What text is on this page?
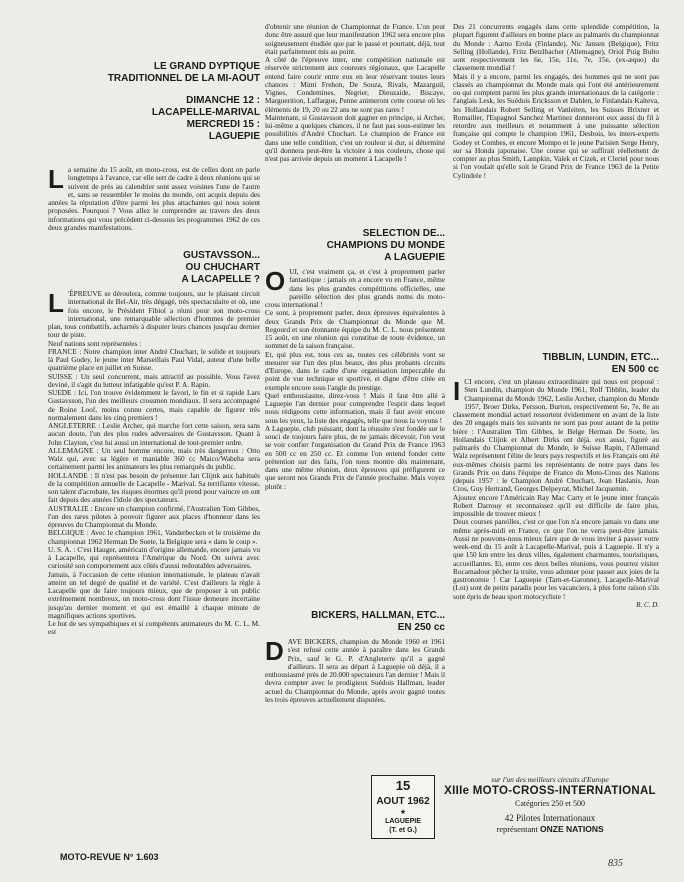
LE GRAND DYPTIQUE

TRADITIONNEL DE LA MI-AOUT

DIMANCHE 12 :

LACAPELLE-MARIVAL

MERCREDI 15 :

LAGUEPIE

La semaine du 15 août, en moto-cross, est de celles dont on parle longtemps à l'avance, car elle sert de cadre à deux réunions qui se suivent de près au calendrier sont assez voisines l'une de l'autre et, sans se ressembler le moins du monde, ont acquis depuis des années la réputation d'être parmi les plus attachantes qui nous soient proposées. Pourquoi ? Vous allez le comprendre au travers des deux informations qui vous précèdent ci-dessous les programmes 1962 de ces deux grandes manifestations.

GUSTAVSSON...

OU CHUCHART

A LACAPELLE ?

L 'ÉPREUVE se déroulera, comme toujours, sur le plaisant circuit international de Bel-Air, très dégagé, très spectaculaire et où, une fois encore, le Président Fibiol a réuni pour son moto-cross international, une remarquable sélection d'hommes de premier plan, tous combattifs, acharnés à disputer leurs chances jusqu'au dernier tour de piste.

Neuf nations sont représentées :

FRANCE : Notre champion inter André Chuchart, le solide et toujours là Paul Godey, le jeune inter Marseillais Paul Vidal, auteur d'une belle quatrième place en juillet en Suisse.

SUISSE : Un seul concurrent, mais attractif au possible. Vous l'avez deviné, il s'agit du lutteur infatigable qu'est P. A. Rapin.

SUEDE : Ici, l'on trouve évidemment le favori, le fin et si rapide Lars Gustavsson, l'un des meilleurs crossmen mondiaux. Il sera accompagné de Roine Loof, moins connu certes, mais capable de figurer très normalement dans les cinq premiers !

ANGLETERRE : Leslie Archer, qui marche fort cette saison, sera sans aucun doute, l'un des plus rudes adversaires de Gustavsson. Quant à John Clayton, c'est lui aussi un international de tout-premier ordre.

ALLEMAGNE : Un seul homme encore, mais très dangereux : Otto Walz qui, avec sa légère et maniable 360 cc Maico/Wabeha sera certainement parmi les animateurs les plus remarqués du public.

HOLLANDE : Il n'est pas besoin de présenter Jan Clijnk aux habitués de la compétition annuelle de Lacapelle - Marival. Sa terrifiante vitesse, son talent d'acrobate, les risques énormes qu'il prend pour vaincre en ont fait depuis des années l'idole des spectateurs.

AUSTRALIE : Encore un champion confirmé, l'Australien Tom Gibbes, l'un des rares pilotes à pouvoir figurer aux places d'honneur dans les épreuves du Championnat du Monde.

BELGIQUE : Avec le champion 1961, Vanderbecken et le troisième du championnat 1962 Herman De Soete, la Belgique sera « dans le coup ».

U. S. A. : C'est Hauger, américain d'origine allemande, encore jamais vu à Lacapelle, qui représentera l'Amérique du Nord. On suivra avec curiosité son comportement aux côtés d'aussi redoutables adversaires.

Jamais, à l'occasion de cette réunion internationale, le plateau n'avait atteint un tel degré de qualité et de variété. C'est d'ailleurs la règle à Lacapelle que de faire toujours mieux, que de proposer à un public extrêmement nombreux, un moto-cross dont l'issue demeure incertaine jusqu'au dernier moment et qui est émaillé à chaque minute de magnifiques actions sportives.

Le but de ses sympathiques et si compétents animateurs du M. C. L. M. est

d'obtenir une réunion de Championnat de France. L'on peut donc être assuré que leur manifestation 1962 sera encore plus soigneusement étudiée que par le passé et pourtant, déjà, tout était parfaitement mis au point.

A côté de l'épreuve inter, une compétition nationale est réservée strictement aux coureurs régionaux, que Lacapelle entend faire courir entre eux en leur réservant toutes leurs chances : Mimi Frehon, De Souza, Rivals, Mazarguil, Vignes, Condemines, Negrier, Dieuzaide, Biscaye, Marguerition, Laffargue, Penne animeront cette course où les éléments de 19, 20 ou 22 ans ne sont pas rares !

Maintenant, si Gustavsson doit gagner en principe, si Archer, lui-même a quelques chances, il ne faut pas sous-estimer les possibilités d'André Chuchart. Le champion de France est dans une telle condition, c'est un rouleur si dur, si déterminé qu'il donnera peut-être la victoire à nos couleurs, chose qui n'est pas arrivée depuis un moment à Lacapelle !

SELECTION DE...

CHAMPIONS DU MONDE

A LAGUEPIE

OUI, c'est vraiment ça, et c'est à proprement parler fantastique : jamais on a encore vu en France, même dans les plus grandes compétitions officielles, une pareille sélection des plus grands noms du moto-cross international !

Ce sont, à proprement parler, deux épreuves équivalentes à deux Grands Prix de Championnat du Monde que M. Regourd et son étonnante équipe du M. C. L. nous présentent 15 août, en une réunion qui constitue de toute évidence, un sommet de la saison française.

Et, qui plus est, tous ces as, toutes ces célébrités vont se mesurer sur l'un des plus beaux, des plus probants circuits d'Europe, dans le cadre d'une organisation impeccable du point de vue technique et sportive, et digne d'être citée en exemple encore sous l'angle du prestige.

Quel enthousiasme, direz-vous ! Mais il faut être allé à Laguepie l'an dernier pour comprendre l'esprit dans lequel nous rédigeons cette information, mais il faut avoir encore sous les yeux, la liste des engagés, telle que nous la voyons !

A Laguepie, club puissant, dont la réussite s'est fondée sur le souci de toujours faire plus, de ne jamais décevoir, l'on veut se voir confier l'organisation du Grand Prix de France 1963 en 500 cc en 250 cc. Et comme l'on entend fonder cette prétention sur des faits, l'on nous montre dès maintenant, dans une même réunion, deux épreuves qui préfigurent ce que seront nos Grands Prix de l'année prochaine. Mais voyez plutôt :

BICKERS, HALLMAN, ETC...

EN 250 cc

DAVE BICKERS, champion du Monde 1960 et 1961 s'est refusé cette année à paraître dans les Grands Prix, sauf le G. P. d'Angleterre qu'il a gagné d'ailleurs. Il sera au départ à Laguepie où déjà, il a enthousiasmé près de 20.000 spectateurs l'an dernier ! Mais il devra compter avec le prodigieux Suédois Hallman, leader actuel du Championnat du Monde, après avoir gagné toutes les trois épreuves actuellement disputées.

Des 21 concurrents engagés dans cette splendide compétition, la plupart figurent d'ailleurs en bonne place au palmarès du championnat du Monde : Aarno Erola (Finlande), Nic Jansen (Belgique), Fritz Selling (Hollande), Fritz Betzlbacher (Allemagne), Oriol Puig Bulto sont respectivement les 6e, 15e, 11e, 7e, 15e, (ex-æquo) du classement mondial !

Mais il y a encore, parmi les engagés, des hommes qui ne sont pas classés au championnat du Monde mais qui l'ont été antérieurement ou qui comptent parmi les plus grands internationaux de la catégorie : l'anglais Lesk, les Suédois Ericksson et Dahlen, le Finlandais Kalteva, les Hollandais Robert Selling et Vanleiten, les Suisses Brixner et Romailler, l'Espagnol Sanchez Martinez donneront eux aussi du fil à retordre aux meilleurs et notamment à une puissante sélection française qui compte le champion 1961, Desbois, les inters-experts Godey et Combes, et encore Mompo et le jeune Parisien Serge Henry, sur sa Honda japonaise. Une course qui se suffirait réellement de compter au plus Smith, Lampkin, Valek et Cizek, et Cleriel pour nous si l'on voulait qu'elle soit le Grand Prix de France 1963 de la Petite Cylindrée !

TIBBLIN, LUNDIN, ETC...

EN 500 cc

ICI encore, c'est un plateau extraordinaire qui nous est proposé : Sten Lundin, champion du Monde 1961, Rolf Tibblin, leader du Championnat du Monde 1962, Leslie Archer, champion du Monde 1957, Broer Dirks, Persson, Burton, respectivement 6e, 7e, 8e au classement mondial actuel ressortent évidemment en avant de la liste des 20 engagés mais les suivants ne sont pas pour autant de la petite bière : l'Australien Tim Gibbes, le Belge Herman De Soete, les Hollandais Clijnk et Albert Dirks ont déjà, eux aussi, figuré au palmarès du Championnat du Monde, le Suisse Rapin, l'Allemand Walz représentent l'élite de leurs pays respectifs et les Français ont été eux-mêmes choisis parmi les représentants de notre pays dans les Grands Prix ou dans l'équipe de France du Moto-Cross des Nations (depuis 1957 : le Champion André Chuchart, Jean Haslanis, Jean Cros, Guy Hertrand, Georges Delpeyrat, Michel Jacquemin.

Ajoutez encore l'Américain Ray Mac Carty et le jeune inter français Robert Darrouy et reconnaissez qu'il est difficile de faire plus, impossible de trouver mieux !

Deux courses pareilles, c'est ce que l'on n'a encore jamais vu dans une même après-midi en France, ce que l'on ne verra peut-être jamais. Aussi ne pouvons-nous mieux faire que de vous inviter à passer votre week-end du 15 août à Lacapelle-Marival, puis à Laguepie. Il n'y a que 150 km entre les deux villes, également charmantes, touristiques, accueillantes. Et, entre ces deux belles réunions, vous pourrez visiter Rocamadour pêcher la truite, vous adonner pour passer aux joies de la gastronomie ! Car Laguepie (Tarn-et-Garonne), Lacapelle-Marival (Lot) sont de petits paradis pour les vacanciers, à plus forte raison s'ils sont épris de beau sport motocycliste !

R. C. D.

15
AOUT 1962
★
LAGUEPIE
(T. et G.)
sur l'un des meilleurs circuits d'Europe
XIIIe MOTO-CROSS-INTERNATIONAL
Catégories 250 et 500
42 Pilotes Internationaux
représentant ONZE NATIONS
MOTO-REVUE N° 1.603
835
